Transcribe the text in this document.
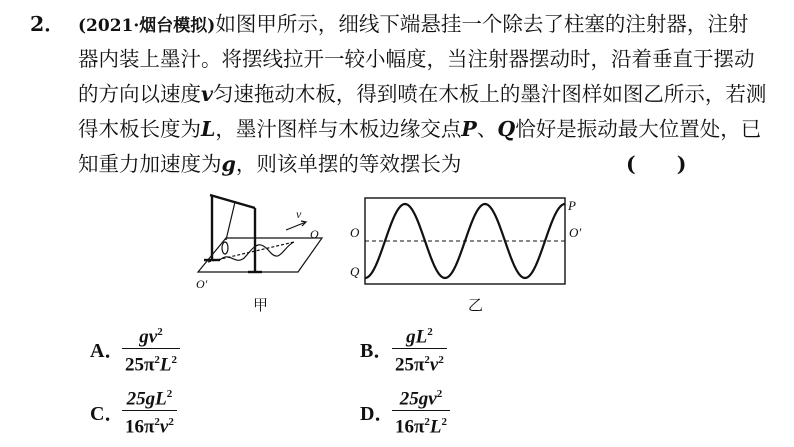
2． (2021·烟台模拟)如图甲所示，细线下端悬挂一个除去了柱塞的注射器，注射
器内装上墨汁。将摆线拉开一较小幅度，当注射器摆动时，沿着垂直于摆动
的方向以速度v匀速拖动木板，得到喷在木板上的墨汁图样如图乙所示，若测
得木板长度为L，墨汁图样与木板边缘交点P、Q恰好是振动最大位置处，已
知重力加速度为g，则该单摆的等效摆长为	(　　)
v
O
O′
甲
P
O	O′
Q
乙
A．
$gv^2$
$25\pi^2L^2$	B．
$gL^2$
$25\pi^2v^2$
C．
$25gL^2$
$16\pi^2v^2$	D．
$25gv^2$
$16\pi^2L^2$
